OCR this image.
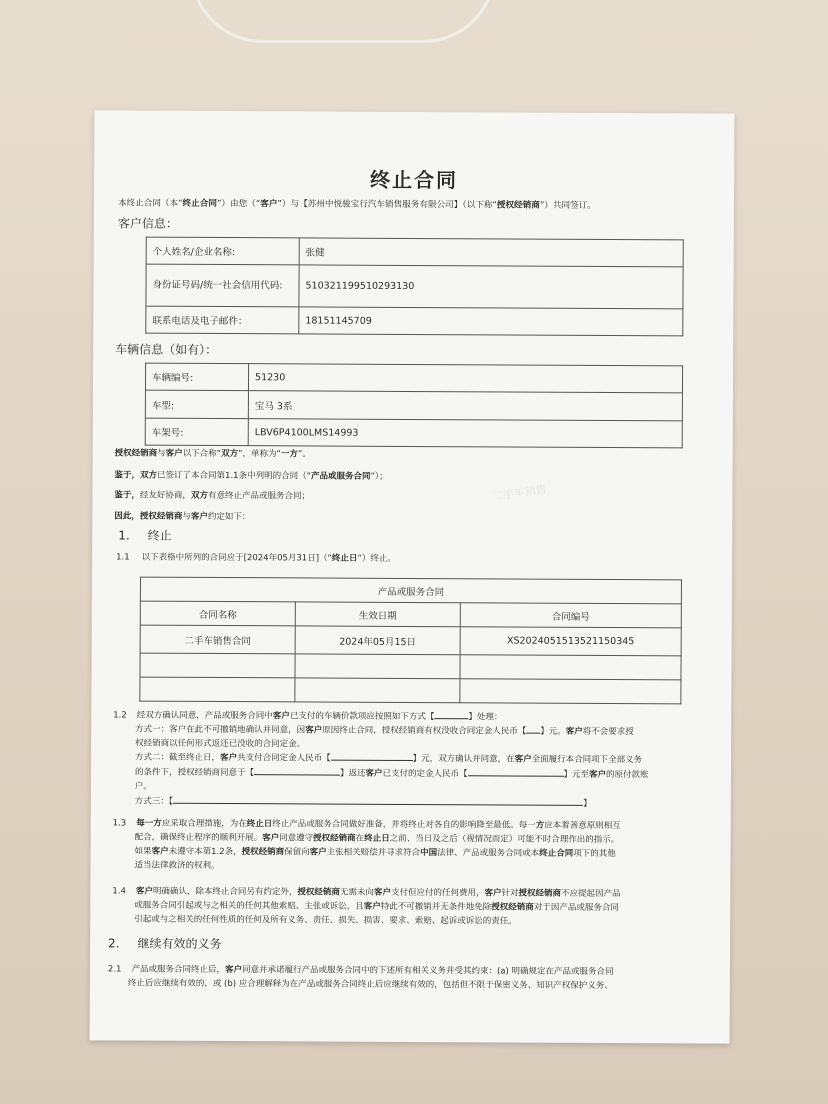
终止合同
本终止合同（本“终止合同”）由您（“客户”）与【苏州中悦骏宝行汽车销售服务有限公司】（以下称“授权经销商”）共同签订。
客户信息：
个人姓名/企业名称:	张健
身份证号码/统一社会信用代码:	510321199510293130
联系电话及电子邮件：	18151145709
车辆信息（如有）：
车辆编号:	51230
车型:	宝马 3系
车架号:	LBV6P4100LMS14993
二手车销售
授权经销商与客户以下合称“双方”，单称为“一方”。
鉴于，双方已签订了本合同第1.1条中列明的合同（“产品或服务合同”）；
鉴于，经友好协商，双方有意终止产品或服务合同；
因此，授权经销商与客户约定如下：
1. 终止
1.1 以下表格中所列的合同应于[2024年05月31日]（“终止日”）终止。
产品或服务合同		
合同名称	生效日期	合同编号
二手车销售合同	2024年05月15日	XS2024051513521150345

1.2 经双方确认同意，产品或服务合同中客户已支付的车辆价款项应按照如下方式【	】处理：
方式一：客户在此不可撤销地确认并同意，因客户原因终止合同，授权经销商有权没收合同定金人民币【 】元。客户将不会要求授
权经销商以任何形式返还已没收的合同定金。
方式二：截至终止日，客户共支付合同定金人民币【	】元，双方确认并同意，在客户全面履行本合同项下全部义务
的条件下，授权经销商同意于【	】返还客户已支付的定金人民币【	】元至客户的原付款账
户。
方式三：【	】
1.3 每一方应采取合理措施，为在终止日终止产品或服务合同做好准备，并将终止对各自的影响降至最低。每一方应本着善意原则相互
配合，确保终止程序的顺利开展。客户同意遵守授权经销商在终止日之前、当日及之后（视情况而定）可能不时合理作出的指示。
如果客户未遵守本第1.2条，授权经销商保留向客户主张相关赔偿并寻求符合中国法律、产品或服务合同或本终止合同项下的其他
适当法律救济的权利。
1.4 客户明确确认，除本终止合同另有约定外，授权经销商无需未向客户支付但应付的任何费用，客户针对授权经销商不应提起因产品
或服务合同引起或与之相关的任何其他索赔、主张或诉讼，且客户特此不可撤销并无条件地免除授权经销商对于因产品或服务合同
引起或与之相关的任何性质的任何及所有义务、责任、损失、损害、要求、索赔、起诉或诉讼的责任。
2. 继续有效的义务
2.1 产品或服务合同终止后，客户同意并承诺履行产品或服务合同中的下述所有相关义务并受其约束：(a) 明确规定在产品或服务合同
终止后应继续有效的，或 (b) 应合理解释为在产品或服务合同终止后应继续有效的，包括但不限于保密义务、知识产权保护义务、
